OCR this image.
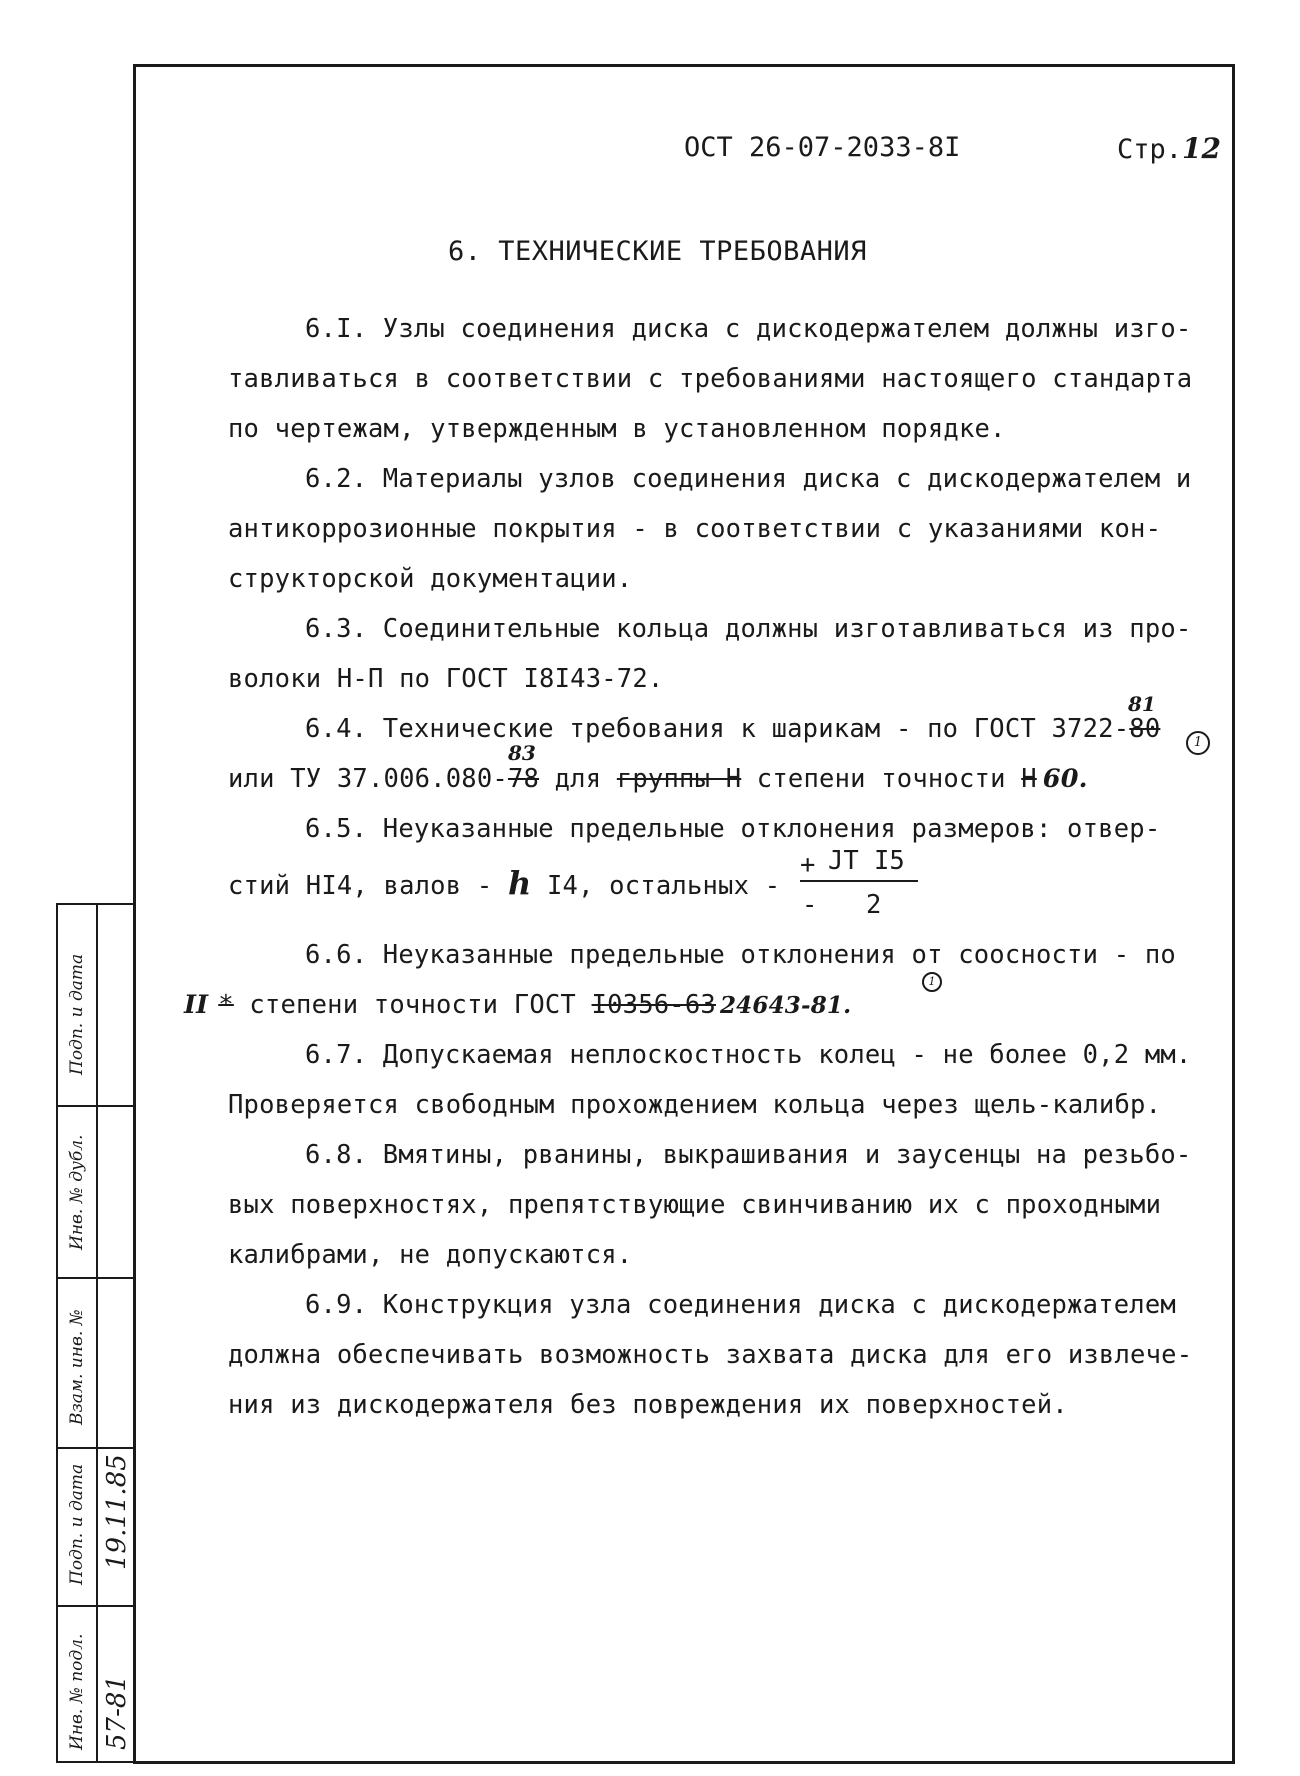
ОСТ 26-07-2033-8I	Стр.12
6. ТЕХНИЧЕСКИЕ ТРЕБОВАНИЯ
6.I. Узлы соединения диска с дискодержателем должны изго-
тавливаться в соответствии с требованиями настоящего стандарта
по чертежам, утвержденным в установленном порядке.
6.2. Материалы узлов соединения диска с дискодержателем и
антикоррозионные покрытия - в соответствии с указаниями кон-
структорской документации.
6.3. Соединительные кольца должны изготавливаться из про-
волоки Н-П по ГОСТ I8I43-72.
6.4. Технические требования к шарикам - по ГОСТ 3722-80
81
1
или ТУ 37.006.080-78 для группы Н степени точности Н 60.
83
6.5. Неуказанные предельные отклонения размеров: отвер-
стий HI4, валов - h I4, остальных -
+ JT I5
- 2
6.6. Неуказанные предельные отклонения от соосности - по
1
II * степени точности ГОСТ I0356-63 24643-81.
6.7. Допускаемая неплоскостность колец - не более 0,2 мм.
Проверяется свободным прохождением кольца через щель-калибр.
6.8. Вмятины, рванины, выкрашивания и заусенцы на резьбо-
вых поверхностях, препятствующие свинчиванию их с проходными
калибрами, не допускаются.
6.9. Конструкция узла соединения диска с дискодержателем
должна обеспечивать возможность захвата диска для его извлече-
ния из дискодержателя без повреждения их поверхностей.
Подп. и дата
Инв. № дубл.
Взам. инв. №
Подп. и дата
Инв. № подл.
19.11.85
57-81
